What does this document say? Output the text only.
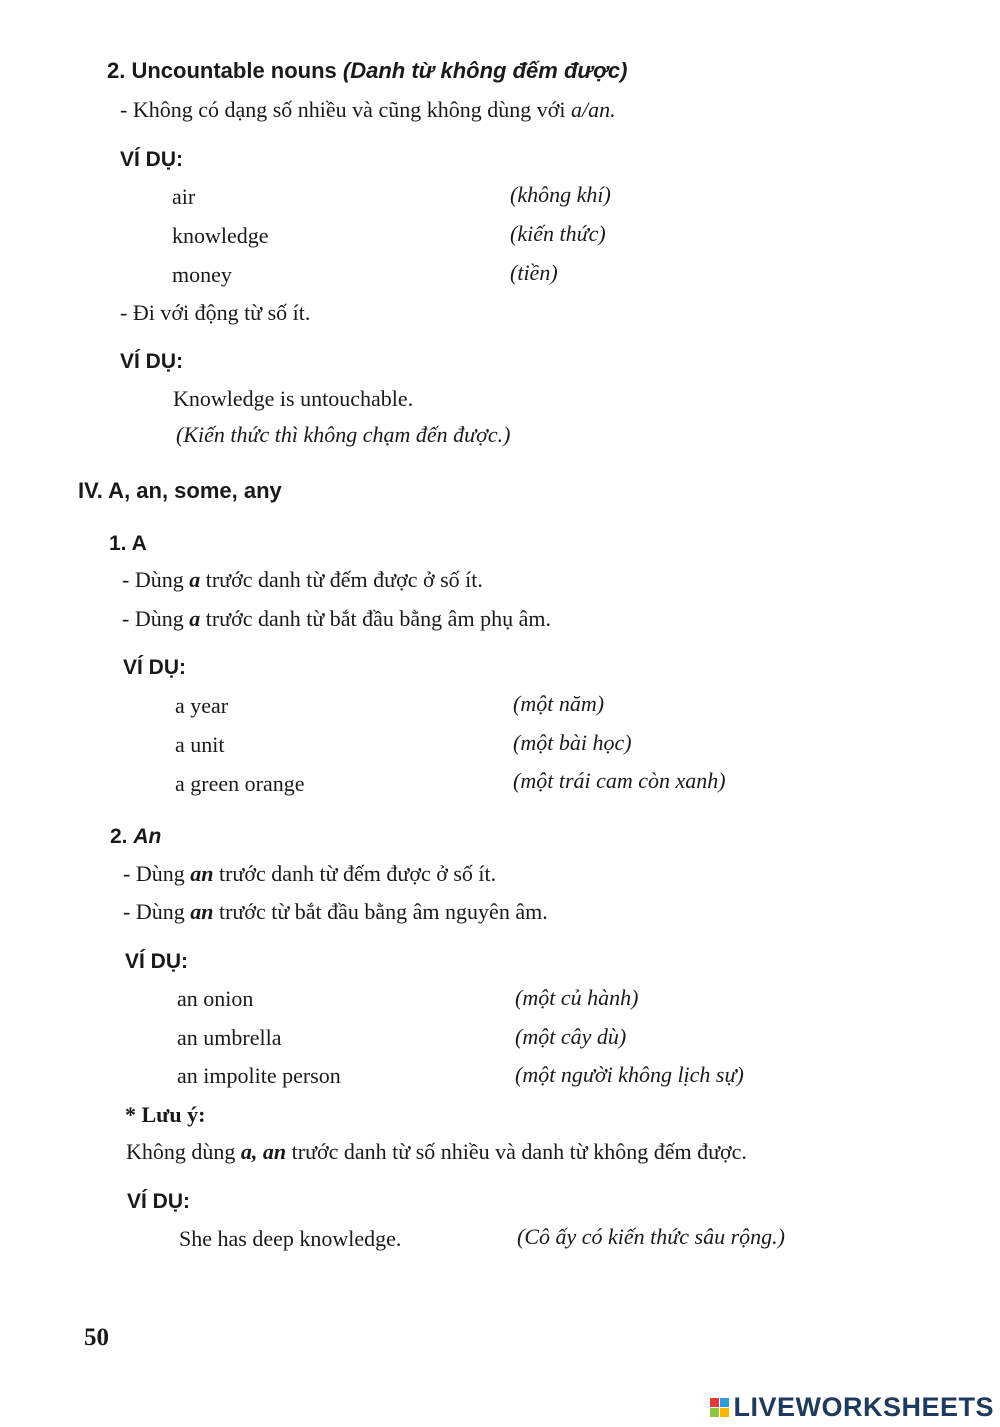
2. Uncountable nouns (Danh từ không đếm được)
- Không có dạng số nhiều và cũng không dùng với a/an.
VÍ DỤ:
air	(không khí)
knowledge	(kiến thức)
money	(tiền)
- Đi với động từ số ít.
VÍ DỤ:
Knowledge is untouchable.
(Kiến thức thì không chạm đến được.)
IV. A, an, some, any
1. A
- Dùng a trước danh từ đếm được ở số ít.
- Dùng a trước danh từ bắt đầu bằng âm phụ âm.
VÍ DỤ:
a year	(một năm)
a unit	(một bài học)
a green orange	(một trái cam còn xanh)
2. An
- Dùng an trước danh từ đếm được ở số ít.
- Dùng an trước từ bắt đầu bằng âm nguyên âm.
VÍ DỤ:
an onion	(một củ hành)
an umbrella	(một cây dù)
an impolite person	(một người không lịch sự)
* Lưu ý:
Không dùng a, an trước danh từ số nhiều và danh từ không đếm được.
VÍ DỤ:
She has deep knowledge.	(Cô ấy có kiến thức sâu rộng.)
50
LIVEWORKSHEETS
